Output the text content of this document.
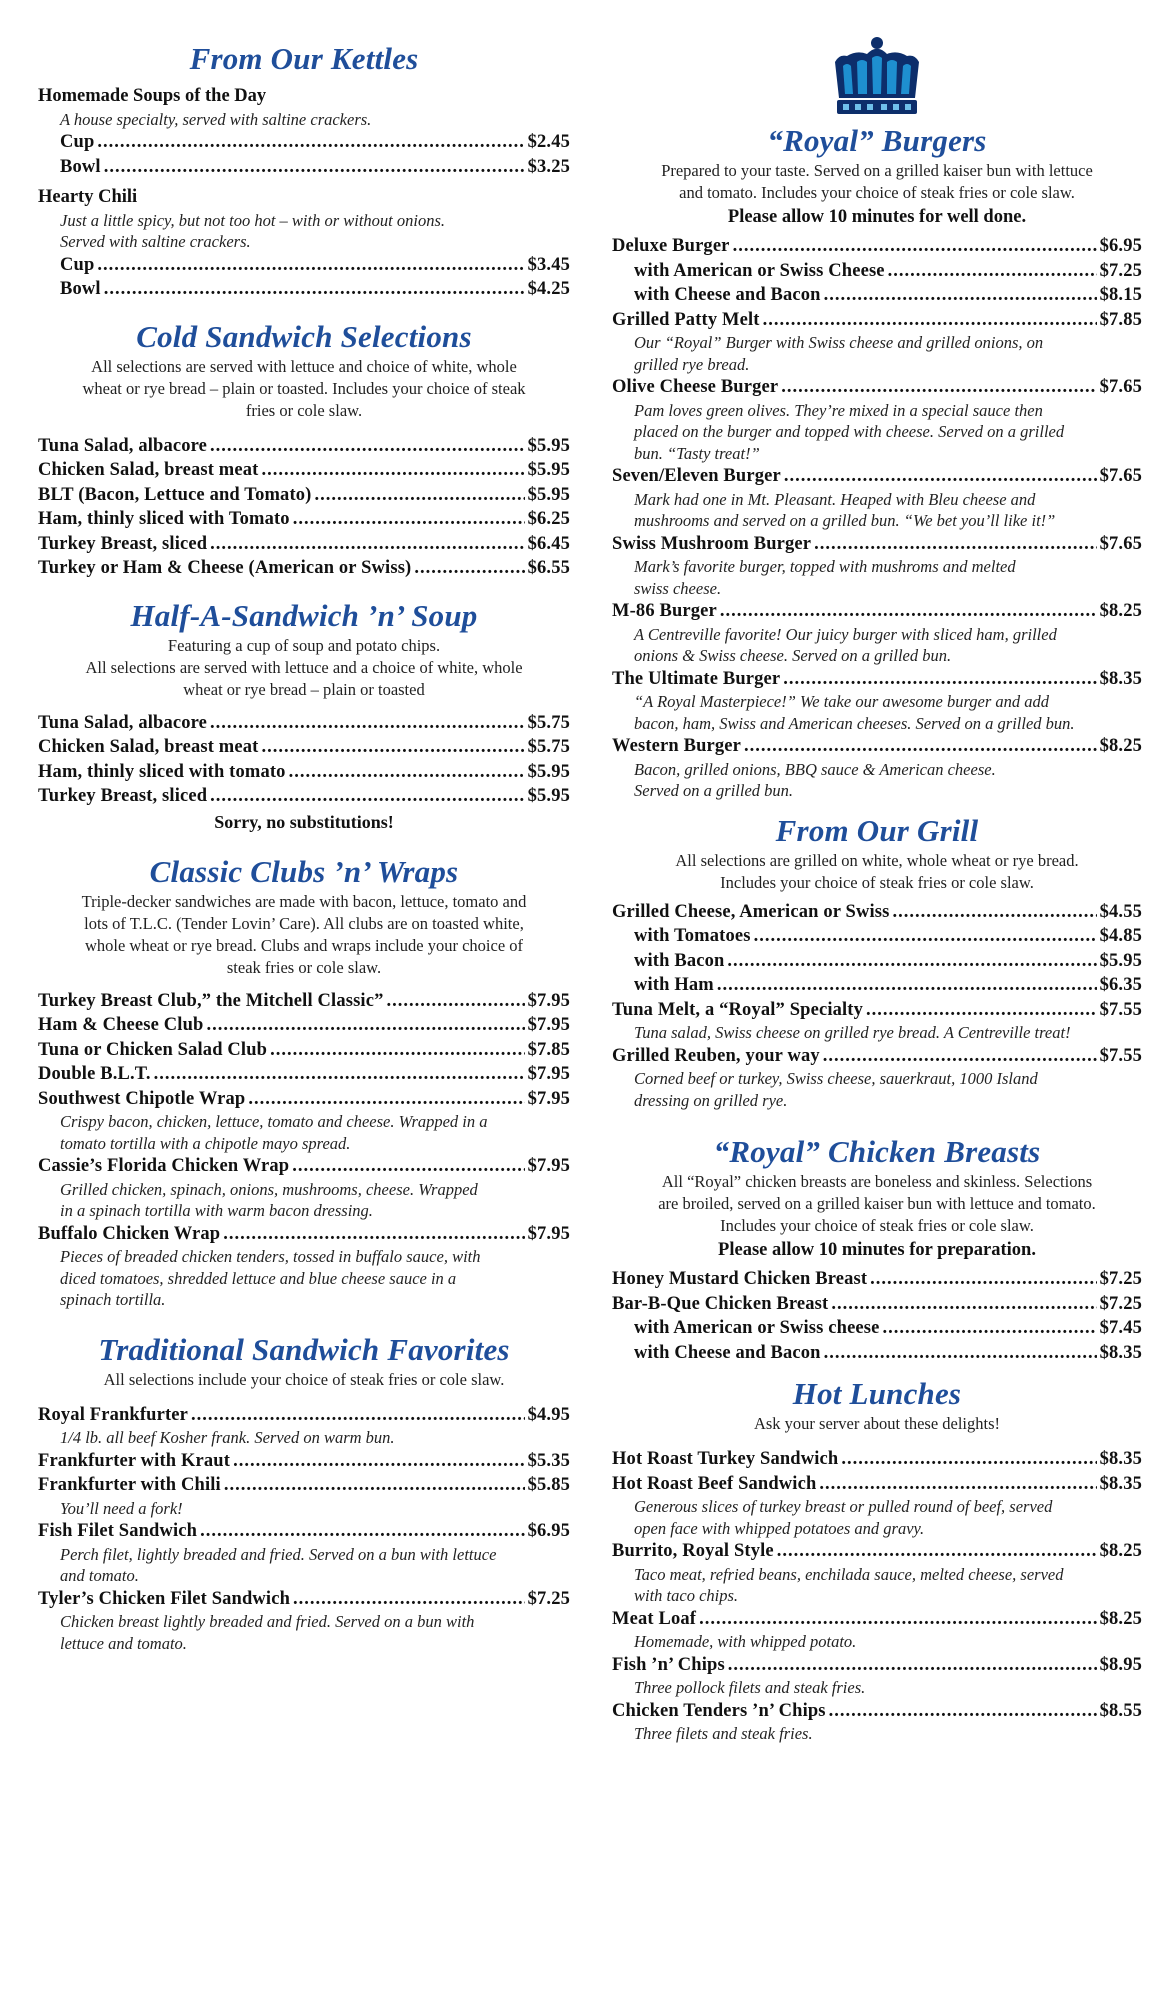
From Our Kettles
Homemade Soups of the Day
A house specialty, served with saltine crackers.
Cup .....	$2.45
Bowl .....	$3.25
Hearty Chili
Just a little spicy, but not too hot – with or without onions.
Served with saltine crackers.
Cup .....	$3.45
Bowl .....	$4.25
Cold Sandwich Selections
All selections are served with lettuce and choice of white, whole
wheat or rye bread – plain or toasted. Includes your choice of steak
fries or cole slaw.
Tuna Salad, albacore .....	$5.95
Chicken Salad, breast meat .....	$5.95
BLT (Bacon, Lettuce and Tomato) .....	$5.95
Ham, thinly sliced with Tomato .....	$6.25
Turkey Breast, sliced .....	$6.45
Turkey or Ham & Cheese (American or Swiss) .....	$6.55
Half-A-Sandwich ’n’ Soup
Featuring a cup of soup and potato chips.
All selections are served with lettuce and a choice of white, whole
wheat or rye bread – plain or toasted
Tuna Salad, albacore .....	$5.75
Chicken Salad, breast meat .....	$5.75
Ham, thinly sliced with tomato .....	$5.95
Turkey Breast, sliced .....	$5.95
Sorry, no substitutions!
Classic Clubs ’n’ Wraps
Triple-decker sandwiches are made with bacon, lettuce, tomato and
lots of T.L.C. (Tender Lovin’ Care). All clubs are on toasted white,
whole wheat or rye bread. Clubs and wraps include your choice of
steak fries or cole slaw.
Turkey Breast Club,” the Mitchell Classic” .....	$7.95
Ham & Cheese Club .....	$7.95
Tuna or Chicken Salad Club .....	$7.85
Double B.L.T. .....	$7.95
Southwest Chipotle Wrap .....	$7.95
Crispy bacon, chicken, lettuce, tomato and cheese. Wrapped in a
tomato tortilla with a chipotle mayo spread.
Cassie’s Florida Chicken Wrap .....	$7.95
Grilled chicken, spinach, onions, mushrooms, cheese. Wrapped
in a spinach tortilla with warm bacon dressing.
Buffalo Chicken Wrap .....	$7.95
Pieces of breaded chicken tenders, tossed in buffalo sauce, with
diced tomatoes, shredded lettuce and blue cheese sauce in a
spinach tortilla.
Traditional Sandwich Favorites
All selections include your choice of steak fries or cole slaw.
Royal Frankfurter .....	$4.95
1/4 lb. all beef Kosher frank. Served on warm bun.
Frankfurter with Kraut .....	$5.35
Frankfurter with Chili .....	$5.85
You’ll need a fork!
Fish Filet Sandwich .....	$6.95
Perch filet, lightly breaded and fried. Served on a bun with lettuce
and tomato.
Tyler’s Chicken Filet Sandwich .....	$7.25
Chicken breast lightly breaded and fried. Served on a bun with
lettuce and tomato.
“Royal” Burgers
Prepared to your taste. Served on a grilled kaiser bun with lettuce
and tomato. Includes your choice of steak fries or cole slaw.
Please allow 10 minutes for well done.
Deluxe Burger .....	$6.95
with American or Swiss Cheese .....	$7.25
with Cheese and Bacon .....	$8.15
Grilled Patty Melt .....	$7.85
Our “Royal” Burger with Swiss cheese and grilled onions, on
grilled rye bread.
Olive Cheese Burger .....	$7.65
Pam loves green olives. They’re mixed in a special sauce then
placed on the burger and topped with cheese. Served on a grilled
bun. “Tasty treat!”
Seven/Eleven Burger .....	$7.65
Mark had one in Mt. Pleasant. Heaped with Bleu cheese and
mushrooms and served on a grilled bun. “We bet you’ll like it!”
Swiss Mushroom Burger .....	$7.65
Mark’s favorite burger, topped with mushroms and melted
swiss cheese.
M-86 Burger .....	$8.25
A Centreville favorite! Our juicy burger with sliced ham, grilled
onions & Swiss cheese. Served on a grilled bun.
The Ultimate Burger .....	$8.35
“A Royal Masterpiece!” We take our awesome burger and add
bacon, ham, Swiss and American cheeses. Served on a grilled bun.
Western Burger .....	$8.25
Bacon, grilled onions, BBQ sauce & American cheese.
Served on a grilled bun.
From Our Grill
All selections are grilled on white, whole wheat or rye bread.
Includes your choice of steak fries or cole slaw.
Grilled Cheese, American or Swiss .....	$4.55
with Tomatoes .....	$4.85
with Bacon .....	$5.95
with Ham .....	$6.35
Tuna Melt, a “Royal” Specialty .....	$7.55
Tuna salad, Swiss cheese on grilled rye bread. A Centreville treat!
Grilled Reuben, your way .....	$7.55
Corned beef or turkey, Swiss cheese, sauerkraut, 1000 Island
dressing on grilled rye.
“Royal” Chicken Breasts
All “Royal” chicken breasts are boneless and skinless. Selections
are broiled, served on a grilled kaiser bun with lettuce and tomato.
Includes your choice of steak fries or cole slaw.
Please allow 10 minutes for preparation.
Honey Mustard Chicken Breast .....	$7.25
Bar-B-Que Chicken Breast .....	$7.25
with American or Swiss cheese .....	$7.45
with Cheese and Bacon .....	$8.35
Hot Lunches
Ask your server about these delights!
Hot Roast Turkey Sandwich .....	$8.35
Hot Roast Beef Sandwich .....	$8.35
Generous slices of turkey breast or pulled round of beef, served
open face with whipped potatoes and gravy.
Burrito, Royal Style .....	$8.25
Taco meat, refried beans, enchilada sauce, melted cheese, served
with taco chips.
Meat Loaf .....	$8.25
Homemade, with whipped potato.
Fish ’n’ Chips .....	$8.95
Three pollock filets and steak fries.
Chicken Tenders ’n’ Chips .....	$8.55
Three filets and steak fries.
